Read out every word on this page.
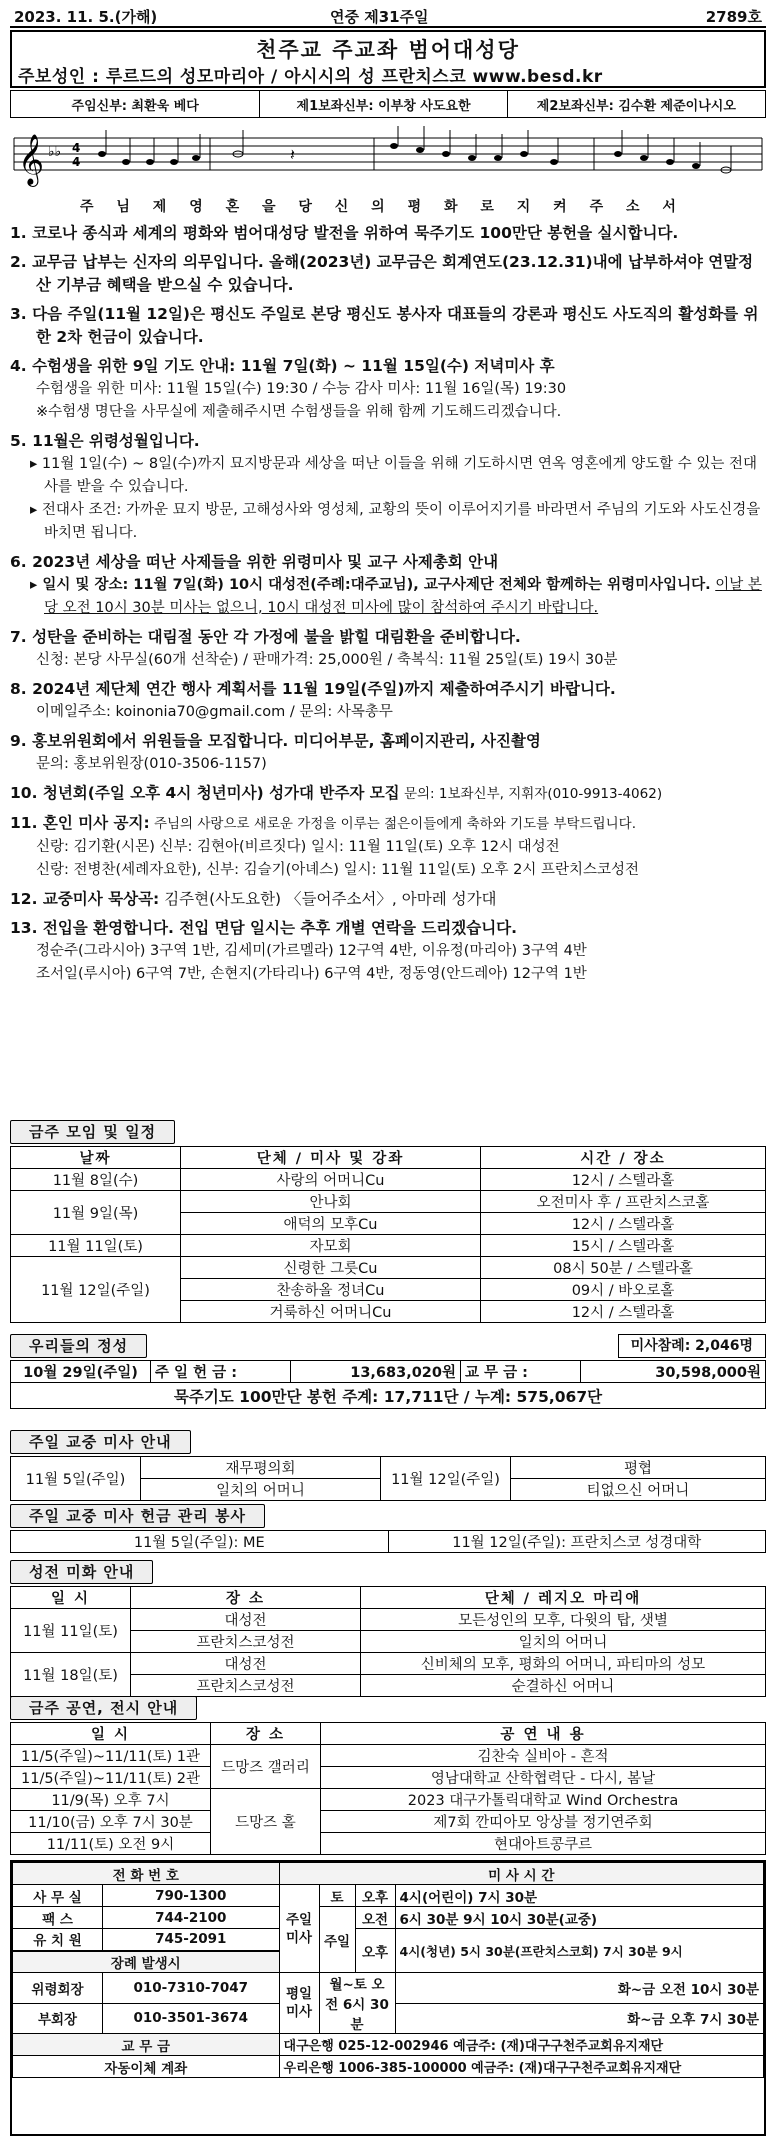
2023. 11. 5.(가해)	연중 제31주일	2789호
천주교 주교좌 범어대성당
주보성인 : 루르드의 성모마리아 / 아시시의 성 프란치스코 www.besd.kr
주임신부: 최환욱 베다	제1보좌신부: 이부창 사도요한	제2보좌신부: 김수환 제준이나시오
𝄞 ♭♭ 4
4	𝄽
주 님 제 영 혼 을 당 신 의 평 화 로 지 켜 주 소 서
1. 코로나 종식과 세계의 평화와 범어대성당 발전을 위하여 묵주기도 100만단 봉헌을 실시합니다.
2. 교무금 납부는 신자의 의무입니다. 올해(2023년) 교무금은 회계연도(23.12.31)내에 납부하셔야 연말정산 기부금 혜택을 받으실 수 있습니다.
3. 다음 주일(11월 12일)은 평신도 주일로 본당 평신도 봉사자 대표들의 강론과 평신도 사도직의 활성화를 위한 2차 헌금이 있습니다.
4. 수험생을 위한 9일 기도 안내: 11월 7일(화) ~ 11월 15일(수) 저녁미사 후
수험생을 위한 미사: 11월 15일(수) 19:30 / 수능 감사 미사: 11월 16일(목) 19:30
※수험생 명단을 사무실에 제출해주시면 수험생들을 위해 함께 기도해드리겠습니다.
5. 11월은 위령성월입니다.
▸ 11월 1일(수) ~ 8일(수)까지 묘지방문과 세상을 떠난 이들을 위해 기도하시면 연옥 영혼에게 양도할 수 있는 전대사를 받을 수 있습니다.
▸ 전대사 조건: 가까운 묘지 방문, 고해성사와 영성체, 교황의 뜻이 이루어지기를 바라면서 주님의 기도와 사도신경을 바치면 됩니다.
6. 2023년 세상을 떠난 사제들을 위한 위령미사 및 교구 사제총회 안내
▸ 일시 및 장소: 11월 7일(화) 10시 대성전(주례:대주교님), 교구사제단 전체와 함께하는 위령미사입니다. 이날 본당 오전 10시 30분 미사는 없으니, 10시 대성전 미사에 많이 참석하여 주시기 바랍니다.
7. 성탄을 준비하는 대림절 동안 각 가정에 불을 밝힐 대림환을 준비합니다.
신청: 본당 사무실(60개 선착순) / 판매가격: 25,000원 / 축복식: 11월 25일(토) 19시 30분
8. 2024년 제단체 연간 행사 계획서를 11월 19일(주일)까지 제출하여주시기 바랍니다.
이메일주소: koinonia70@gmail.com / 문의: 사목총무
9. 홍보위원회에서 위원들을 모집합니다. 미디어부문, 홈페이지관리, 사진촬영
문의: 홍보위원장(010-3506-1157)
10. 청년회(주일 오후 4시 청년미사) 성가대 반주자 모집 문의: 1보좌신부, 지휘자(010-9913-4062)
11. 혼인 미사 공지: 주님의 사랑으로 새로운 가정을 이루는 젊은이들에게 축하와 기도를 부탁드립니다.
신랑: 김기환(시몬) 신부: 김현아(비르짓다) 일시: 11월 11일(토) 오후 12시 대성전
신랑: 전병찬(세례자요한), 신부: 김슬기(아녜스) 일시: 11월 11일(토) 오후 2시 프란치스코성전
12. 교중미사 묵상곡: 김주현(사도요한) 〈들어주소서〉, 아마레 성가대
13. 전입을 환영합니다. 전입 면담 일시는 추후 개별 연락을 드리겠습니다.
정순주(그라시아) 3구역 1반, 김세미(가르멜라) 12구역 4반, 이유정(마리아) 3구역 4반
조서일(루시아) 6구역 7반, 손현지(가타리나) 6구역 4반, 정동영(안드레아) 12구역 1반
금주 모임 및 일정
날짜	단체 / 미사 및 강좌	시간 / 장소
11월 8일(수)	사랑의 어머니Cu	12시 / 스텔라홀
11월 9일(목)	안나회	오전미사 후 / 프란치스코홀
	애덕의 모후Cu	12시 / 스텔라홀
11월 11일(토)	자모회	15시 / 스텔라홀
11월 12일(주일)	신령한 그릇Cu	08시 50분 / 스텔라홀
	찬송하올 정녀Cu	09시 / 바오로홀
	거룩하신 어머니Cu	12시 / 스텔라홀
우리들의 정성	미사참례: 2,046명
10월 29일(주일)	주 일 헌 금 :	13,683,020원	교 무 금 :	30,598,000원
묵주기도 100만단 봉헌 주계: 17,711단 / 누계: 575,067단
주일 교중 미사 안내
11월 5일(주일)	재무평의회	11월 12일(주일)	평협
	일치의 어머니		티없으신 어머니
주일 교중 미사 헌금 관리 봉사
11월 5일(주일): ME	11월 12일(주일): 프란치스코 성경대학
성전 미화 안내
일 시	장 소	단체 / 레지오 마리애
11월 11일(토)	대성전	모든성인의 모후, 다윗의 탑, 샛별
	프란치스코성전	일치의 어머니
11월 18일(토)	대성전	신비체의 모후, 평화의 어머니, 파티마의 성모
	프란치스코성전	순결하신 어머니
금주 공연, 전시 안내
일 시	장 소	공 연 내 용
11/5(주일)~11/11(토) 1관	드망즈 갤러리	김찬숙 실비아 - 흔적
11/5(주일)~11/11(토) 2관		영남대학교 산학협력단 - 다시, 봄날
11/9(목) 오후 7시	드망즈 홀	2023 대구가톨릭대학교 Wind Orchestra
11/10(금) 오후 7시 30분		제7회 깐띠아모 앙상블 정기연주회
11/11(토) 오전 9시		현대아트콩쿠르
전 화 번 호		미 사 시 간			
사 무 실	790-1300	주일 미사	토	오후	4시(어린이) 7시 30분
팩 스	744-2100		주일	오전	6시 30분 9시 10시 30분(교중)
유 치 원	745-2091			오후	4시(청년) 5시 30분(프란치스코회) 7시 30분 9시
장례 발생시					
위령회장	010-7310-7047	평일 미사	월~토 오전 6시 30분		화~금 오전 10시 30분
부회장	010-3501-3674				화~금 오후 7시 30분
교 무 금		대구은행 025-12-002946 예금주: (재)대구구천주교회유지재단			
자동이체 계좌		우리은행 1006-385-100000 예금주: (재)대구구천주교회유지재단			
